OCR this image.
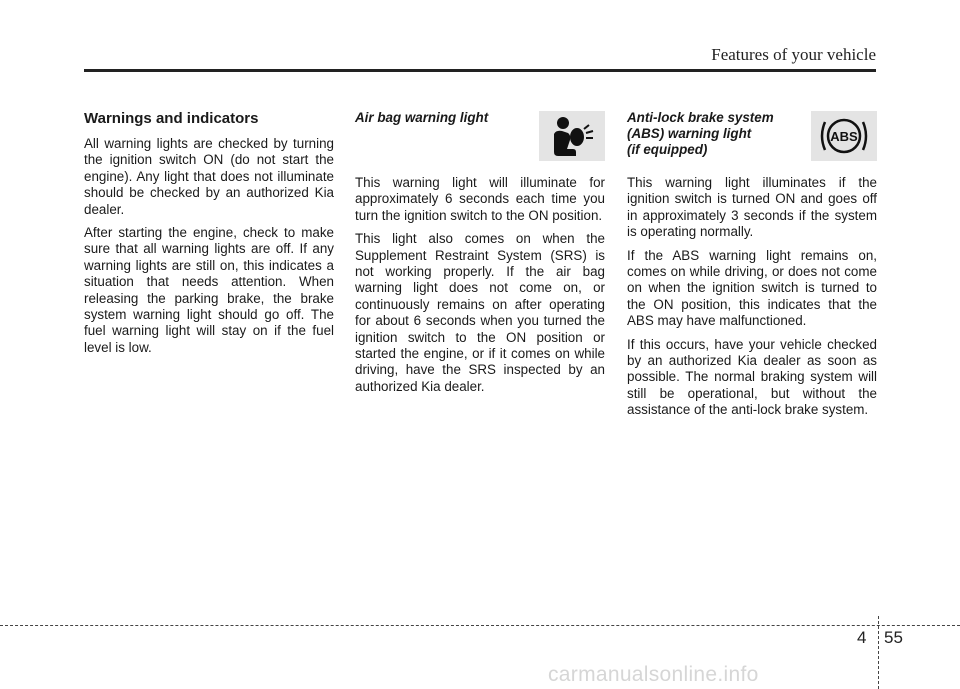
Features of your vehicle
Warnings and indicators

All warning lights are checked by turning the ignition switch ON (do not start the engine). Any light that does not illuminate should be checked by an authorized Kia dealer.

After starting the engine, check to make sure that all warning lights are off. If any warning lights are still on, this indicates a situation that needs attention. When releasing the parking brake, the brake system warning light should go off. The fuel warning light will stay on if the fuel level is low.

Air bag warning light

This warning light will illuminate for approximately 6 seconds each time you turn the ignition switch to the ON position.

This light also comes on when the Supplement Restraint System (SRS) is not working properly. If the air bag warning light does not come on, or continuously remains on after operating for about 6 seconds when you turned the ignition switch to the ON position or started the engine, or if it comes on while driving, have the SRS inspected by an authorized Kia dealer.

Anti-lock brake system
(ABS) warning light
(if equipped)
ABS

This warning light illuminates if the ignition switch is turned ON and goes off in approximately 3 seconds if the system is operating normally.

If the ABS warning light remains on, comes on while driving, or does not come on when the ignition switch is turned to the ON position, this indicates that the ABS may have malfunctioned.

If this occurs, have your vehicle checked by an authorized Kia dealer as soon as possible. The normal braking system will still be operational, but without the assistance of the anti-lock brake system.

4 55
carmanualsonline.info
